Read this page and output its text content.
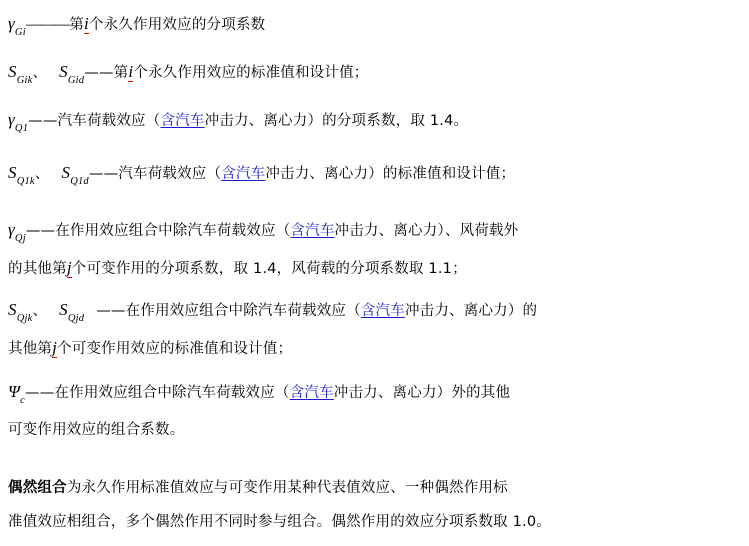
$\gamma_{Gi}———$第i个永久作用效应的分项系数
$S_{Gik}$、 $S_{Gid}——$第i个永久作用效应的标准值和设计值；
$\gamma_{Q1}——$汽车荷载效应（含汽车冲击力、离心力）的分项系数，取 1.4。
$S_{Q1k}$、 $S_{Q1d}——$汽车荷载效应（含汽车冲击力、离心力）的标准值和设计值；
$\gamma_{Qj}——$在作用效应组合中除汽车荷载效应（含汽车冲击力、离心力）、风荷载外
的其他第j个可变作用的分项系数，取 1.4，风荷载的分项系数取 1.1；
$S_{Qjk}$、 $S_{Qjd}$ ——在作用效应组合中除汽车荷载效应（含汽车冲击力、离心力）的
其他第j个可变作用效应的标准值和设计值；
$\Psi_c——$在作用效应组合中除汽车荷载效应（含汽车冲击力、离心力）外的其他
可变作用效应的组合系数。
偶然组合为永久作用标准值效应与可变作用某种代表值效应、一种偶然作用标
准值效应相组合，多个偶然作用不同时参与组合。偶然作用的效应分项系数取 1.0。
